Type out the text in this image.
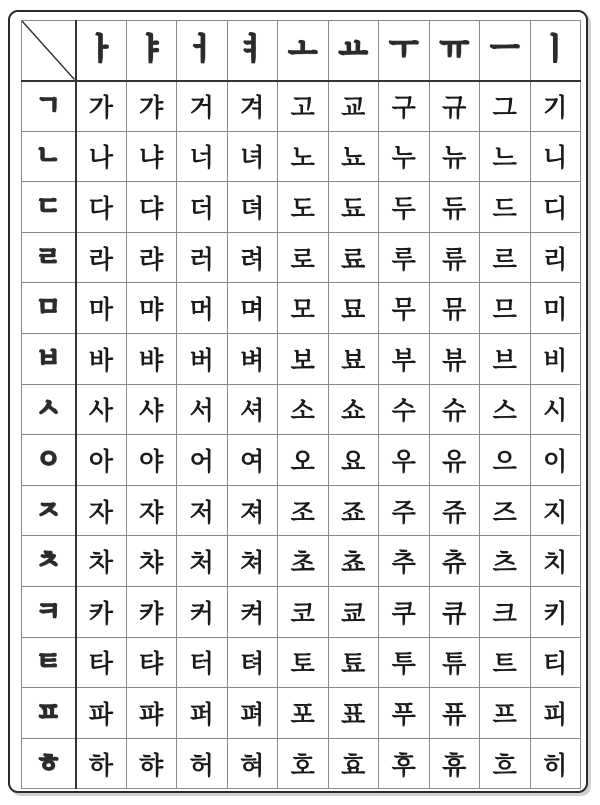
	ㅏ	ㅑ	ㅓ	ㅕ	ㅗ	ㅛ	ㅜ	ㅠ	ㅡ	ㅣ
ㄱ	가	갸	거	겨	고	교	구	규	그	기
ㄴ	나	냐	너	녀	노	뇨	누	뉴	느	니
ㄷ	다	댜	더	뎌	도	됴	두	듀	드	디
ㄹ	라	랴	러	려	로	료	루	류	르	리
ㅁ	마	먀	머	며	모	묘	무	뮤	므	미
ㅂ	바	뱌	버	벼	보	뵤	부	뷰	브	비
ㅅ	사	샤	서	셔	소	쇼	수	슈	스	시
ㅇ	아	야	어	여	오	요	우	유	으	이
ㅈ	자	쟈	저	져	조	죠	주	쥬	즈	지
ㅊ	차	챠	처	쳐	초	쵸	추	츄	츠	치
ㅋ	카	캬	커	켜	코	쿄	쿠	큐	크	키
ㅌ	타	탸	터	텨	토	툐	투	튜	트	티
ㅍ	파	퍄	퍼	펴	포	표	푸	퓨	프	피
ㅎ	하	햐	허	혀	호	효	후	휴	흐	히
